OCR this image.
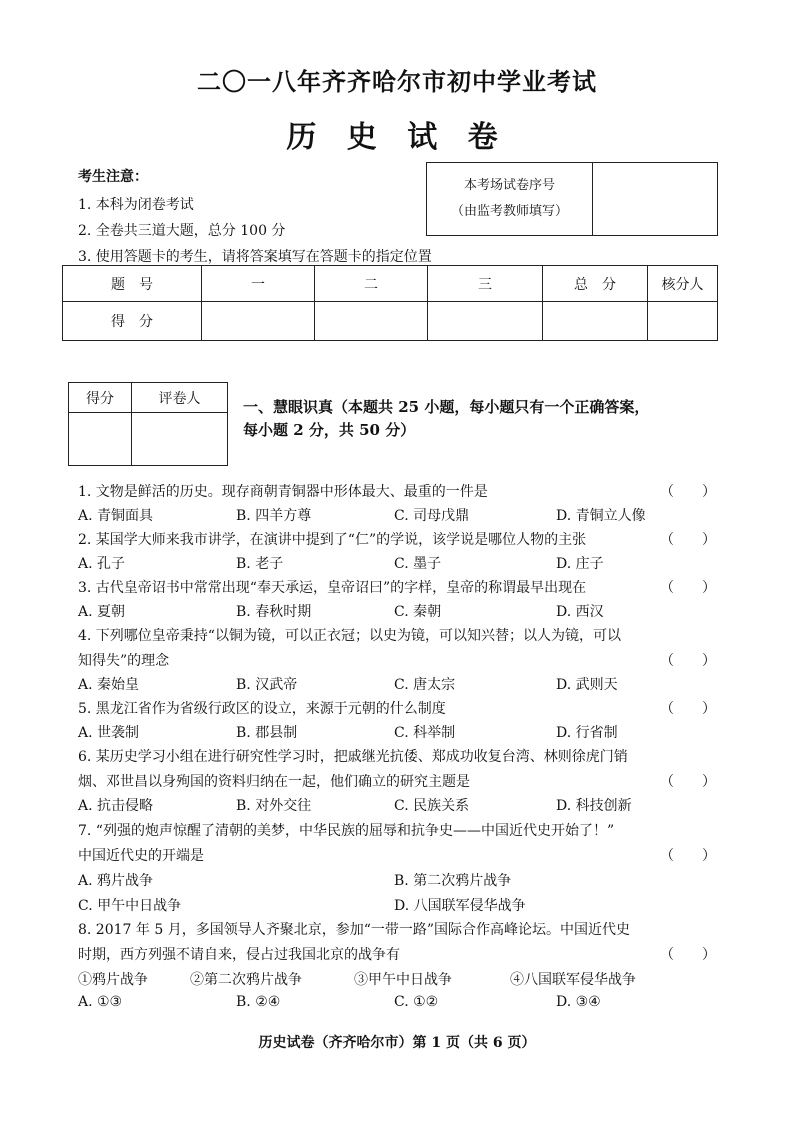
二〇一八年齐齐哈尔市初中学业考试
历 史 试 卷
考生注意：
1. 本科为闭卷考试
2. 全卷共三道大题，总分 100 分
3. 使用答题卡的考生，请将答案填写在答题卡的指定位置
本考场试卷序号
（由监考教师填写）

题　号	一	二	三	总　分	核分人
得　分					
得分	评卷人
		一、慧眼识真（本题共 25 小题，每小题只有一个正确答案，
每小题 2 分，共 50 分）
1. 文物是鲜活的历史。现存商朝青铜器中形体最大、最重的一件是	（　　）
A. 青铜面具	B. 四羊方尊	C. 司母戊鼎	D. 青铜立人像
2. 某国学大师来我市讲学，在演讲中提到了“仁”的学说，该学说是哪位人物的主张	（　　）
A. 孔子	B. 老子	C. 墨子	D. 庄子
3. 古代皇帝诏书中常常出现“奉天承运，皇帝诏曰”的字样，皇帝的称谓最早出现在	（　　）
A. 夏朝	B. 春秋时期	C. 秦朝	D. 西汉
4. 下列哪位皇帝秉持“以铜为镜，可以正衣冠；以史为镜，可以知兴替；以人为镜，可以
知得失”的理念	（　　）
A. 秦始皇	B. 汉武帝	C. 唐太宗	D. 武则天
5. 黑龙江省作为省级行政区的设立，来源于元朝的什么制度	（　　）
A. 世袭制	B. 郡县制	C. 科举制	D. 行省制
6. 某历史学习小组在进行研究性学习时，把戚继光抗倭、郑成功收复台湾、林则徐虎门销
烟、邓世昌以身殉国的资料归纳在一起，他们确立的研究主题是	（　　）
A. 抗击侵略	B. 对外交往	C. 民族关系	D. 科技创新
7. “列强的炮声惊醒了清朝的美梦，中华民族的屈辱和抗争史——中国近代史开始了！”
中国近代史的开端是	（　　）
A. 鸦片战争	B. 第二次鸦片战争
C. 甲午中日战争	D. 八国联军侵华战争
8. 2017 年 5 月，多国领导人齐聚北京，参加“一带一路”国际合作高峰论坛。中国近代史
时期，西方列强不请自来，侵占过我国北京的战争有	（　　）
①鸦片战争	②第二次鸦片战争	③甲午中日战争	④八国联军侵华战争
A. ①③	B. ②④	C. ①②	D. ③④
历史试卷（齐齐哈尔市）第 1 页（共 6 页）
